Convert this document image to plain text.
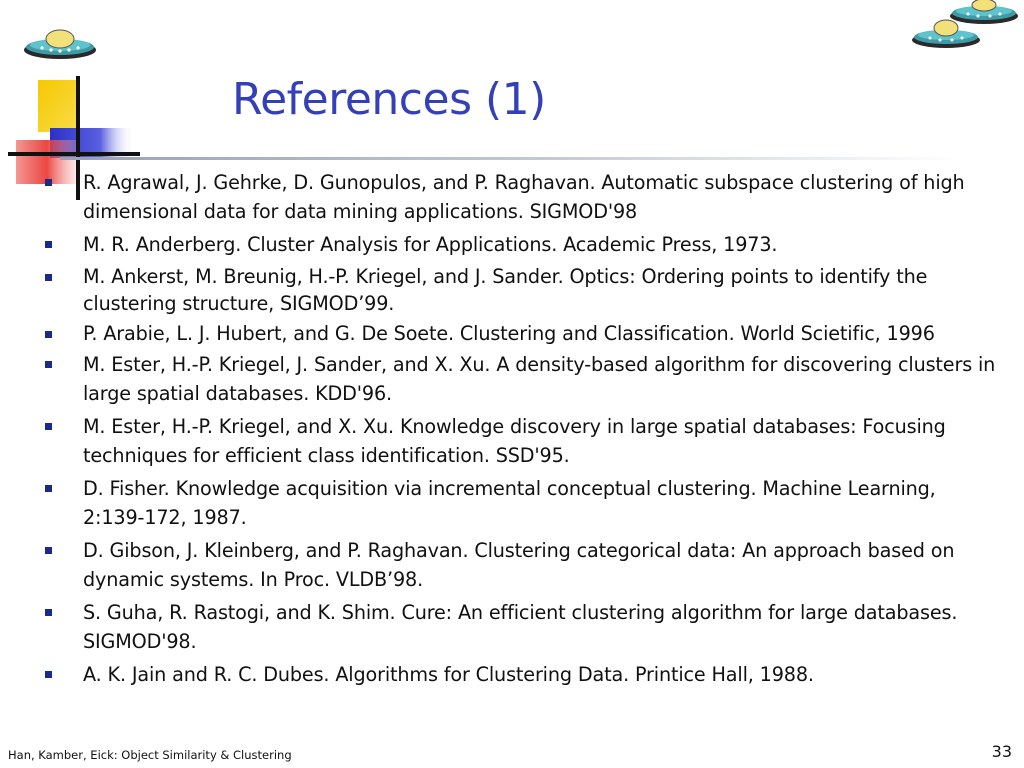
References (1)
R. Agrawal, J. Gehrke, D. Gunopulos, and P. Raghavan. Automatic subspace clustering of high dimensional data for data mining applications. SIGMOD'98
M. R. Anderberg. Cluster Analysis for Applications. Academic Press, 1973.
M. Ankerst, M. Breunig, H.-P. Kriegel, and J. Sander. Optics: Ordering points to identify the clustering structure, SIGMOD’99.
P. Arabie, L. J. Hubert, and G. De Soete. Clustering and Classification. World Scietific, 1996
M. Ester, H.-P. Kriegel, J. Sander, and X. Xu. A density-based algorithm for discovering clusters in large spatial databases. KDD'96.
M. Ester, H.-P. Kriegel, and X. Xu. Knowledge discovery in large spatial databases: Focusing techniques for efficient class identification. SSD'95.
D. Fisher. Knowledge acquisition via incremental conceptual clustering. Machine Learning, 2:139-172, 1987.
D. Gibson, J. Kleinberg, and P. Raghavan. Clustering categorical data: An approach based on dynamic systems. In Proc. VLDB’98.
S. Guha, R. Rastogi, and K. Shim. Cure: An efficient clustering algorithm for large databases. SIGMOD'98.
A. K. Jain and R. C. Dubes. Algorithms for Clustering Data. Printice Hall, 1988.
Han, Kamber, Eick: Object Similarity & Clustering	33
